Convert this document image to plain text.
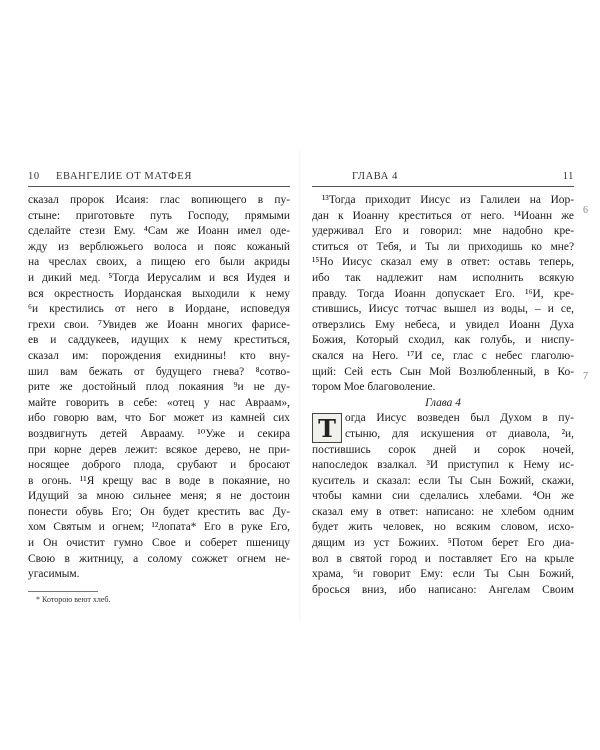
10 ЕВАНГЕЛИЕ ОТ МАТФЕЯ
сказал пророк Исаия: глас вопиющего в пу-
стыне: приготовьте путь Господу, прямыми
сделайте стези Ему. ⁴Сам же Иоанн имел оде-
жду из верблюжьего волоса и пояс кожаный
на чреслах своих, а пищею его были акриды
и дикий мед. ⁵Тогда Иерусалим и вся Иудея и
вся окрестность Иорданская выходили к нему
⁶и крестились от него в Иордане, исповедуя
грехи свои. ⁷Увидев же Иоанн многих фарисе-
ев и саддукеев, идущих к нему креститься,
сказал им: порождения ехиднины! кто вну-
шил вам бежать от будущего гнева? ⁸сотво-
рите же достойный плод покаяния ⁹и не ду-
майте говорить в себе: «отец у нас Авраам»,
ибо говорю вам, что Бог может из камней сих
воздвигнуть детей Аврааму. ¹⁰Уже и секира
при корне дерев лежит: всякое дерево, не при-
носящее доброго плода, срубают и бросают
в огонь. ¹¹Я крещу вас в воде в покаяние, но
Идущий за мною сильнее меня; я не достоин
понести обувь Его; Он будет крестить вас Ду-
хом Святым и огнем; ¹²лопата* Его в руке Его,
и Он очистит гумно Свое и соберет пшеницу
Свою в житницу, а солому сожжет огнем не-
угасимым.
* Которою веют хлеб.
ГЛАВА 4	11
¹³Тогда приходит Иисус из Галилеи на Иор-
дан к Иоанну креститься от него. ¹⁴Иоанн же
удерживал Его и говорил: мне надобно кре-
ститься от Тебя, и Ты ли приходишь ко мне?
¹⁵Но Иисус сказал ему в ответ: оставь теперь,
ибо так надлежит нам исполнить всякую
правду. Тогда Иоанн допускает Его. ¹⁶И, кре-
стившись, Иисус тотчас вышел из воды, – и се,
отверзлись Ему небеса, и увидел Иоанн Духа
Божия, Который сходил, как голубь, и ниспу-
скался на Него. ¹⁷И се, глас с небес глаголю-
щий: Сей есть Сын Мой Возлюбленный, в Ко-
тором Мое благоволение.
Глава 4
Т огда Иисус возведен был Духом в пу-
стыню, для искушения от диавола, ²и,
постившись сорок дней и сорок ночей,
напоследок взалкал. ³И приступил к Нему ис-
куситель и сказал: если Ты Сын Божий, скажи,
чтобы камни сии сделались хлебами. ⁴Он же
сказал ему в ответ: написано: не хлебом одним
будет жить человек, но всяким словом, исхо-
дящим из уст Божиих. ⁵Потом берет Его диа-
вол в святой город и поставляет Его на крыле
храма, ⁶и говорит Ему: если Ты Сын Божий,
бросься вниз, ибо написано: Ангелам Своим
6
7
